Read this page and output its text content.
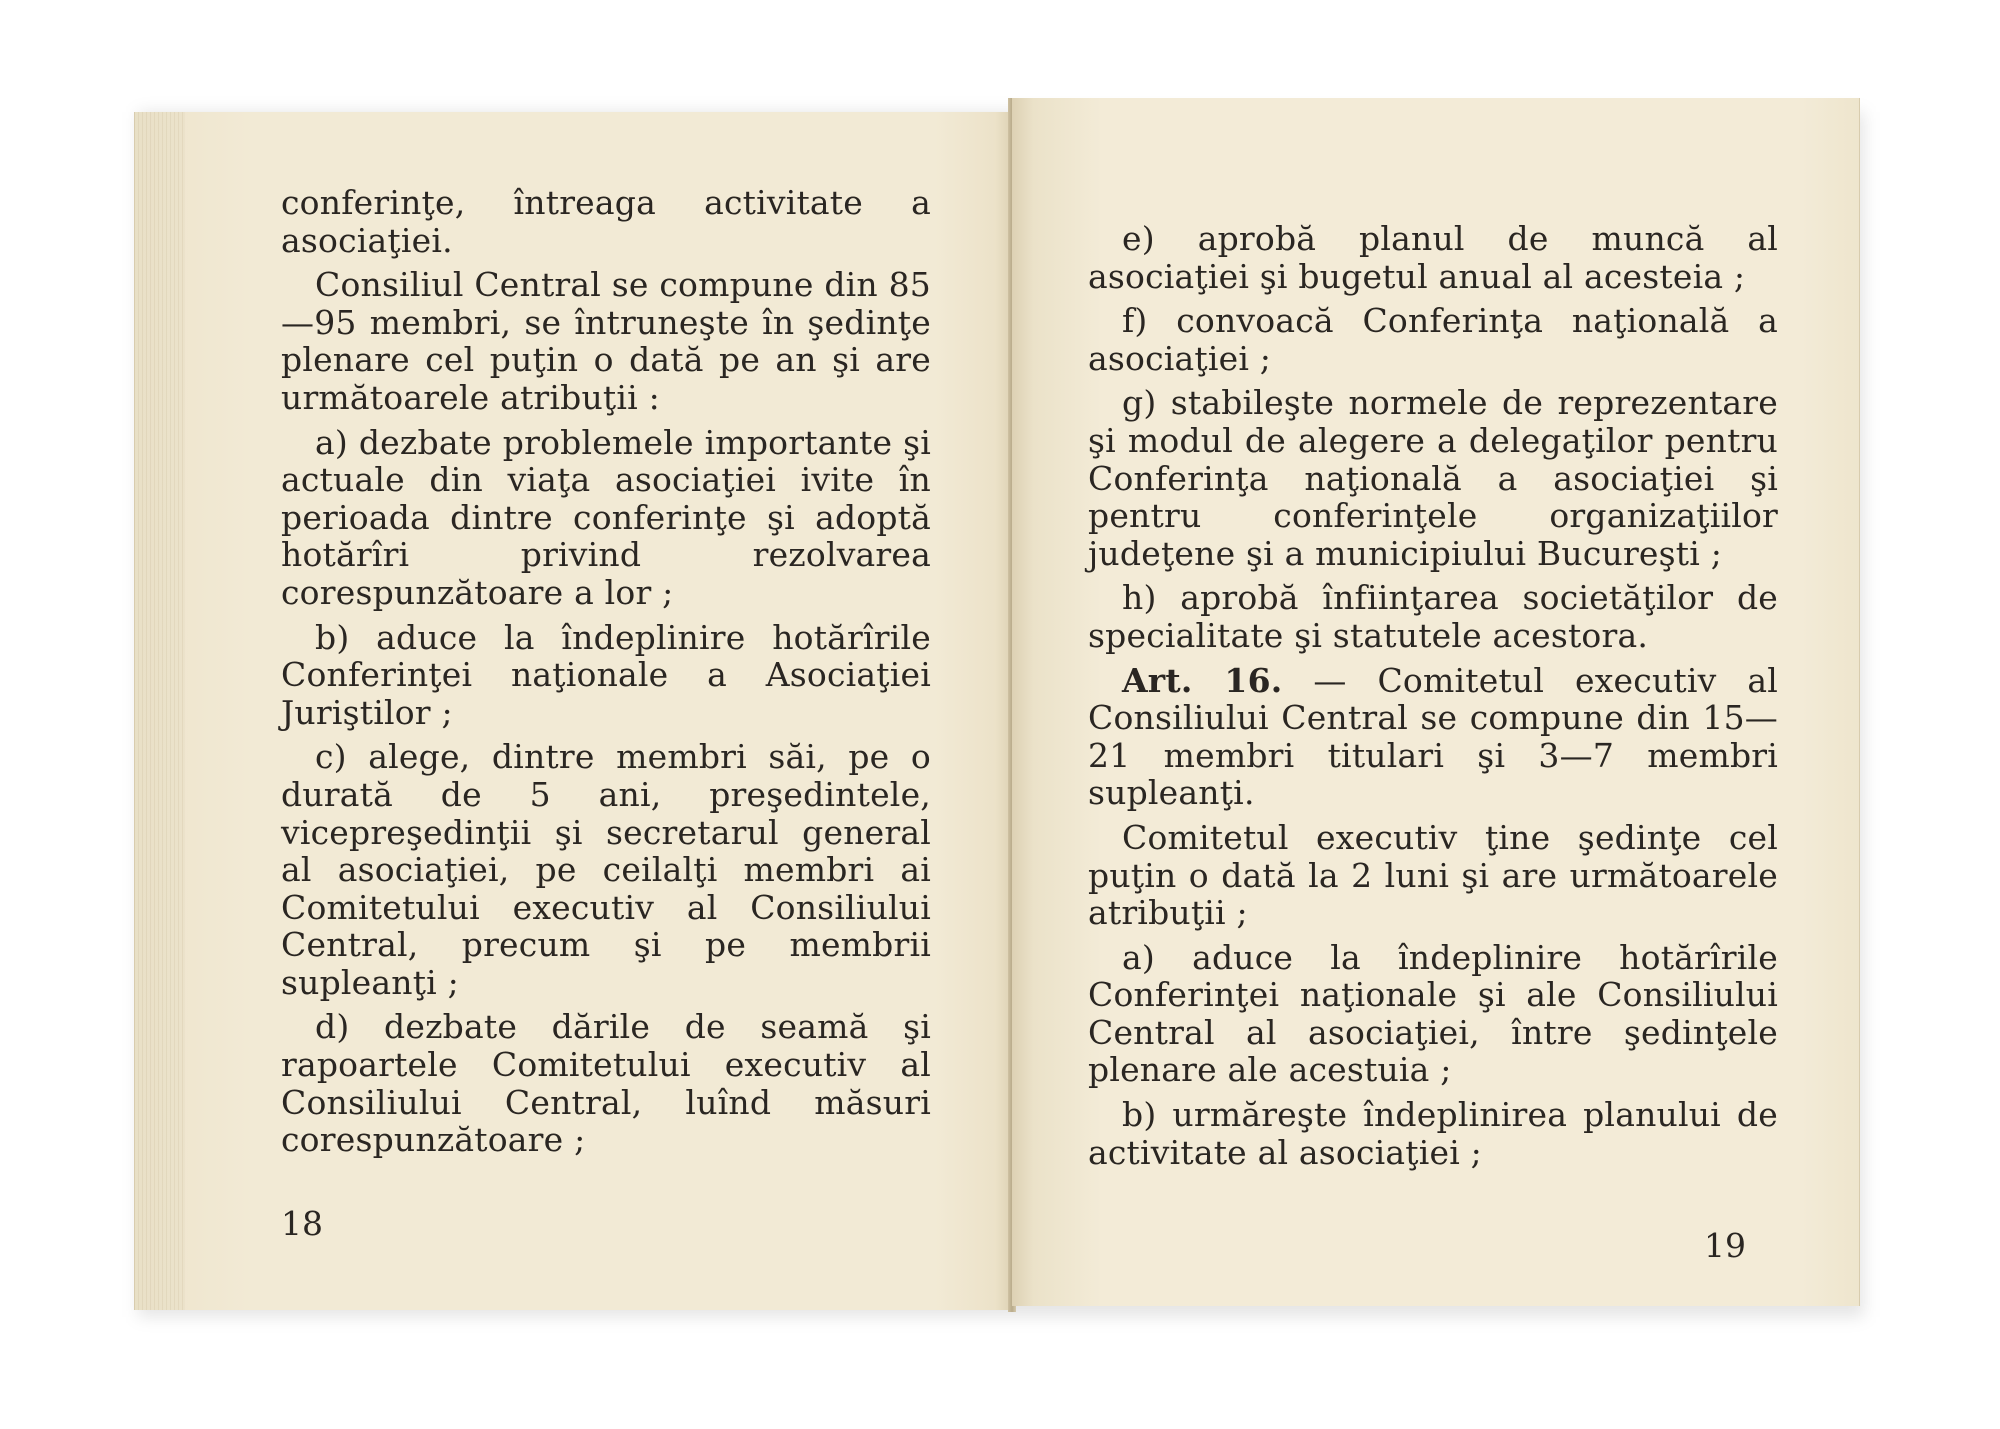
conferinţe, întreaga activitate a asociaţiei.

Consiliul Central se compune din 85—95 membri, se întruneşte în şedinţe plenare cel puţin o dată pe an şi are următoarele atribuţii :

a) dezbate problemele importante şi actuale din viaţa asociaţiei ivite în perioada dintre conferinţe şi adoptă hotărîri privind rezolvarea corespunzătoare a lor ;

b) aduce la îndeplinire hotărîrile Conferinţei naţionale a Asociaţiei Juriştilor ;

c) alege, dintre membri săi, pe o durată de 5 ani, preşedintele, vicepreşedinţii şi secretarul general al asociaţiei, pe ceilalţi membri ai Comitetului executiv al Consiliului Central, precum şi pe membrii supleanţi ;

d) dezbate dările de seamă şi rapoartele Comitetului executiv al Consiliului Central, luînd măsuri corespunzătoare ;

18

e) aprobă planul de muncă al asociaţiei şi bugetul anual al acesteia ;

f) convoacă Conferinţa naţională a asociaţiei ;

g) stabileşte normele de reprezentare şi modul de alegere a delegaţilor pentru Conferinţa naţională a asociaţiei şi pentru conferinţele organizaţiilor judeţene şi a municipiului Bucureşti ;

h) aprobă înfiinţarea societăţilor de specialitate şi statutele acestora.

Art. 16. — Comitetul executiv al Consiliului Central se compune din 15—21 membri titulari şi 3—7 membri supleanţi.

Comitetul executiv ţine şedinţe cel puţin o dată la 2 luni şi are următoarele atribuţii ;

a) aduce la îndeplinire hotărîrile Conferinţei naţionale şi ale Consiliului Central al asociaţiei, între şedinţele plenare ale acestuia ;

b) urmăreşte îndeplinirea planului de activitate al asociaţiei ;

19
